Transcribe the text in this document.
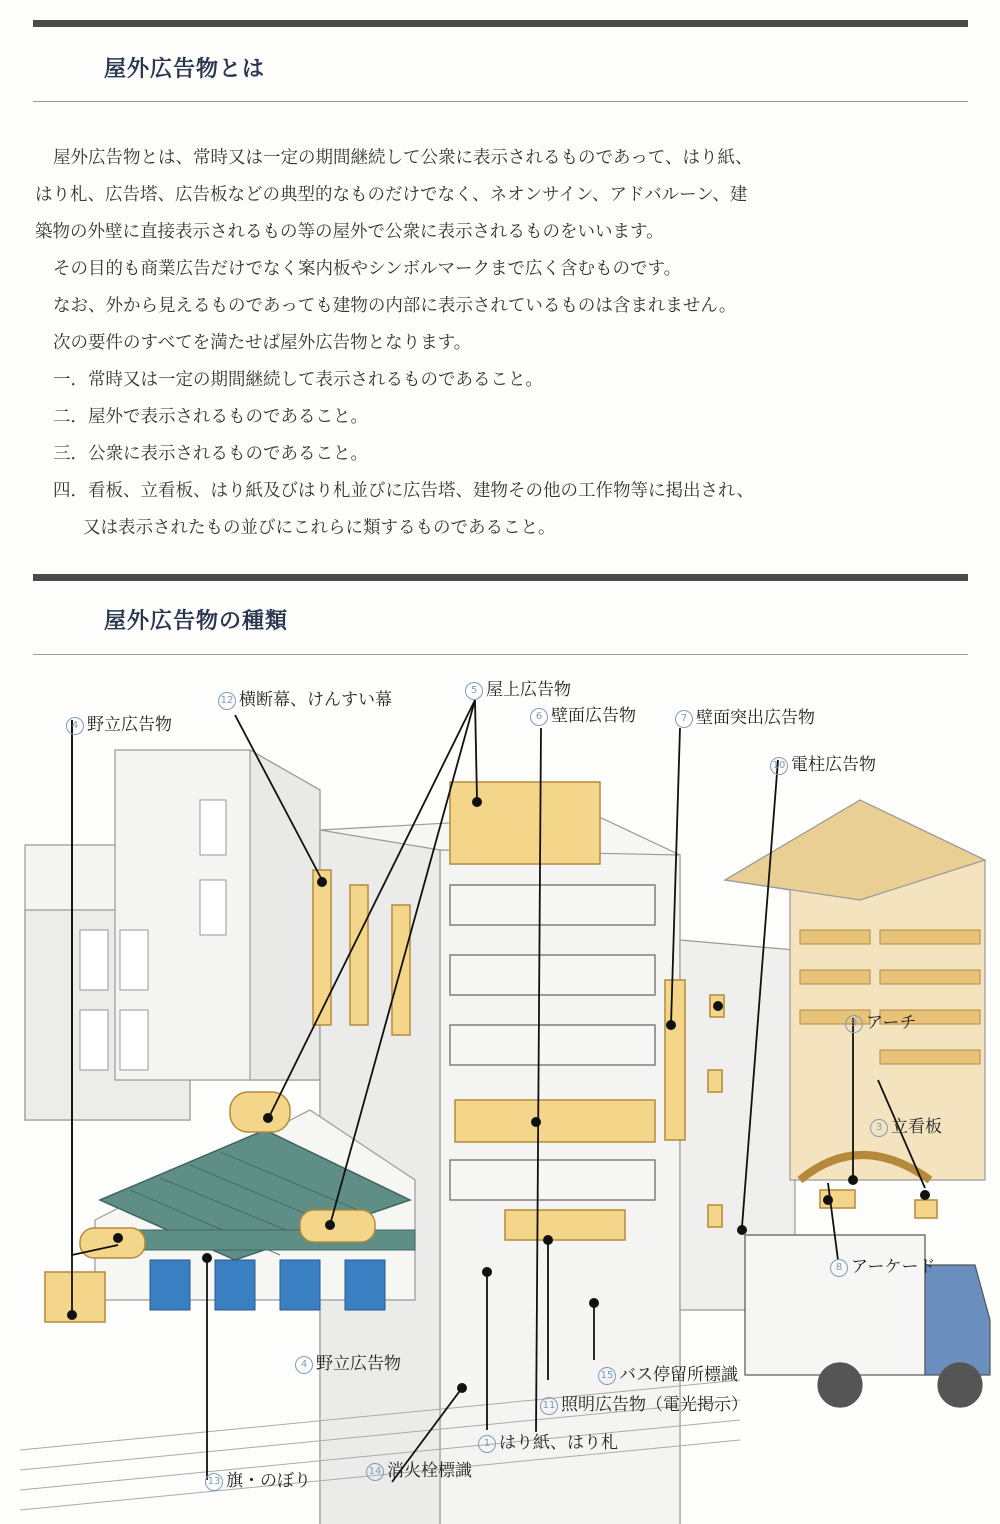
屋外広告物とは

屋外広告物とは、常時又は一定の期間継続して公衆に表示されるものであって、はり紙、

はり札、広告塔、広告板などの典型的なものだけでなく、ネオンサイン、アドバルーン、建

築物の外壁に直接表示されるもの等の屋外で公衆に表示されるものをいいます。

その目的も商業広告だけでなく案内板やシンボルマークまで広く含むものです。

なお、外から見えるものであっても建物の内部に表示されているものは含まれません。

次の要件のすべてを満たせば屋外広告物となります。

一．常時又は一定の期間継続して表示されるものであること。

二．屋外で表示されるものであること。

三．公衆に表示されるものであること。

四．看板、立看板、はり紙及びはり札並びに広告塔、建物その他の工作物等に掲出され、

又は表示されたもの並びにこれらに類するものであること。

屋外広告物の種類
4 野立広告物
12 横断幕、けんすい幕	5 屋上広告物
6 壁面広告物	7 壁面突出広告物
10 電柱広告物
9 アーチ
3 立看板
8 アーケード
4 野立広告物
15 バス停留所標識
11 照明広告物（電光掲示）
1 はり紙、はり札
14 消火栓標識
13 旗・のぼり
